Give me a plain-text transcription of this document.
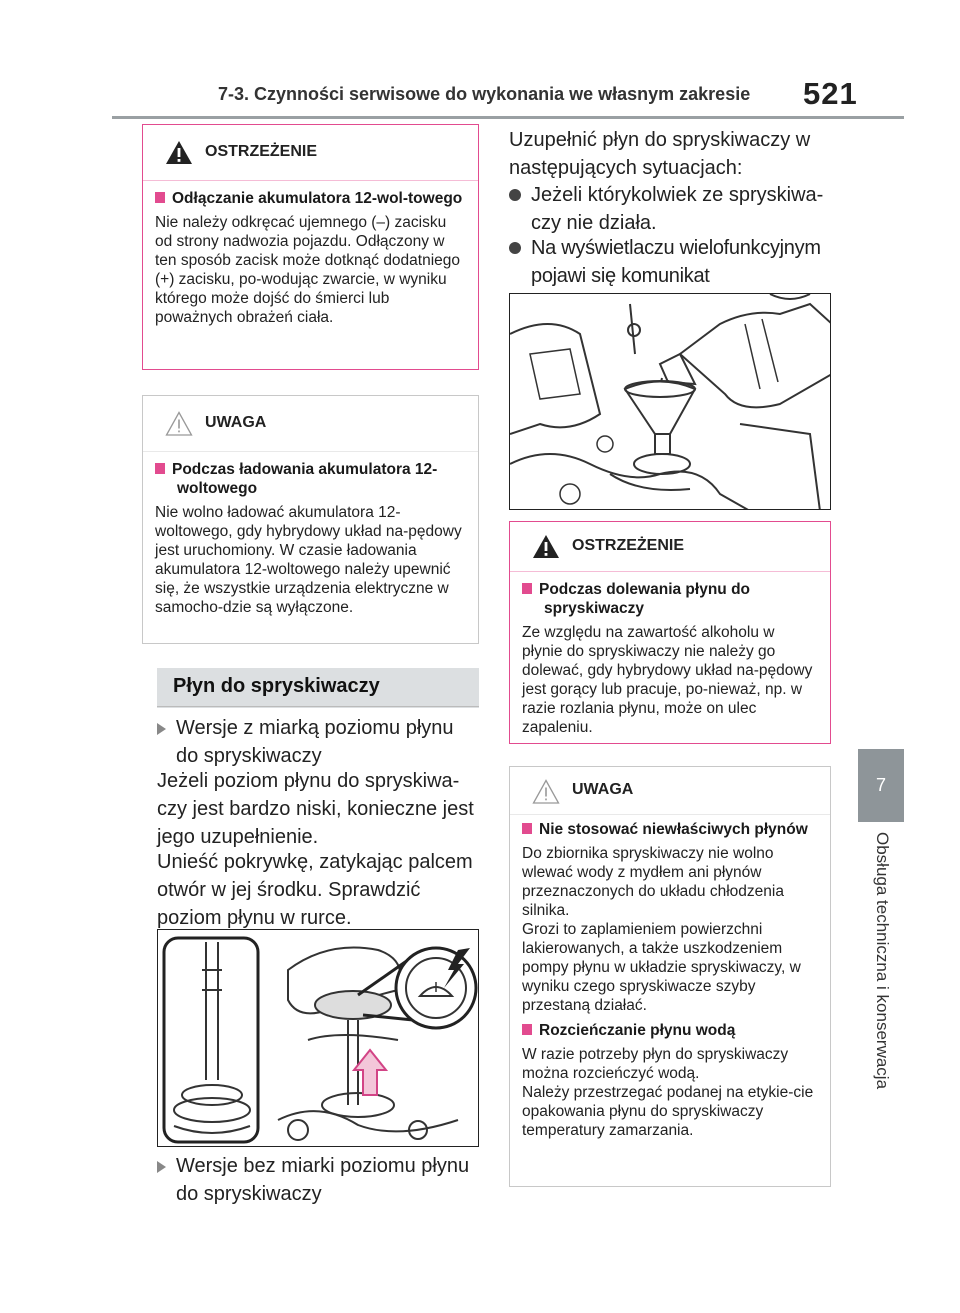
7-3. Czynności serwisowe do wykonania we własnym zakresie 521
7
Obsługa techniczna i konserwacja
OSTRZEŻENIE
Odłączanie akumulatora 12-wol-towego
Nie należy odkręcać ujemnego (–) zacisku od strony nadwozia pojazdu. Odłączony w ten sposób zacisk może dotknąć dodatniego (+) zacisku, po-wodując zwarcie, w wyniku którego może dojść do śmierci lub poważnych obrażeń ciała.
UWAGA
Podczas ładowania akumulatora 12-woltowego
Nie wolno ładować akumulatora 12-woltowego, gdy hybrydowy układ na-pędowy jest uruchomiony. W czasie ładowania akumulatora 12-woltowego należy upewnić się, że wszystkie urządzenia elektryczne w samocho-dzie są wyłączone.
Płyn do spryskiwaczy
Wersje z miarką poziomu płynu do spryskiwaczy
Jeżeli poziom płynu do spryskiwa-czy jest bardzo niski, konieczne jest jego uzupełnienie.
Unieść pokrywkę, zatykając palcem otwór w jej środku. Sprawdzić poziom płynu w rurce.
Wersje bez miarki poziomu płynu do spryskiwaczy
Uzupełnić płyn do spryskiwaczy w następujących sytuacjach:
Jeżeli którykolwiek ze spryskiwa-czy nie działa.
Na wyświetlaczu wielofunkcyjnym pojawi się komunikat
OSTRZEŻENIE
Podczas dolewania płynu do spryskiwaczy
Ze względu na zawartość alkoholu w płynie do spryskiwaczy nie należy go dolewać, gdy hybrydowy układ na-pędowy jest gorący lub pracuje, po-nieważ, np. w razie rozlania płynu, może on ulec zapaleniu.
UWAGA
Nie stosować niewłaściwych płynów
Do zbiornika spryskiwaczy nie wolno wlewać wody z mydłem ani płynów przeznaczonych do układu chłodzenia silnika.
Grozi to zaplamieniem powierzchni lakierowanych, a także uszkodzeniem pompy płynu w układzie spryskiwaczy, w wyniku czego spryskiwacze szyby przestaną działać.
Rozcieńczanie płynu wodą
W razie potrzeby płyn do spryskiwaczy można rozcieńczyć wodą.
Należy przestrzegać podanej na etykie-cie opakowania płynu do spryskiwaczy temperatury zamarzania.
